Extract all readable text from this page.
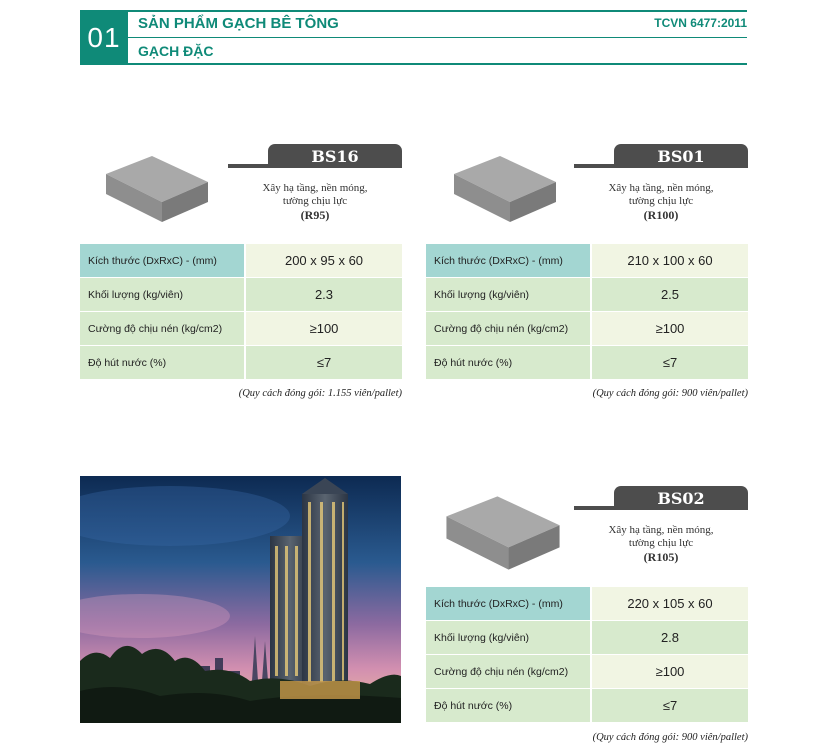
01	SẢN PHẨM GẠCH BÊ TÔNG
GẠCH ĐẶC
TCVN 6477:2011
BS16
Xây hạ tầng, nền móng,
tường chịu lực
(R95)
Kích thước (DxRxC) - (mm)	200 x 95 x 60
Khối lượng (kg/viên)	2.3
Cường độ chịu nén (kg/cm2)	≥100
Độ hút nước (%)	≤7
(Quy cách đóng gói: 1.155 viên/pallet)
BS01
Xây hạ tầng, nền móng,
tường chịu lực
(R100)
Kích thước (DxRxC) - (mm)	210 x 100 x 60
Khối lượng (kg/viên)	2.5
Cường độ chịu nén (kg/cm2)	≥100
Độ hút nước (%)	≤7
(Quy cách đóng gói: 900 viên/pallet)
BS02
Xây hạ tầng, nền móng,
tường chịu lực
(R105)
Kích thước (DxRxC) - (mm)	220 x 105 x 60
Khối lượng (kg/viên)	2.8
Cường độ chịu nén (kg/cm2)	≥100
Độ hút nước (%)	≤7
(Quy cách đóng gói: 900 viên/pallet)
